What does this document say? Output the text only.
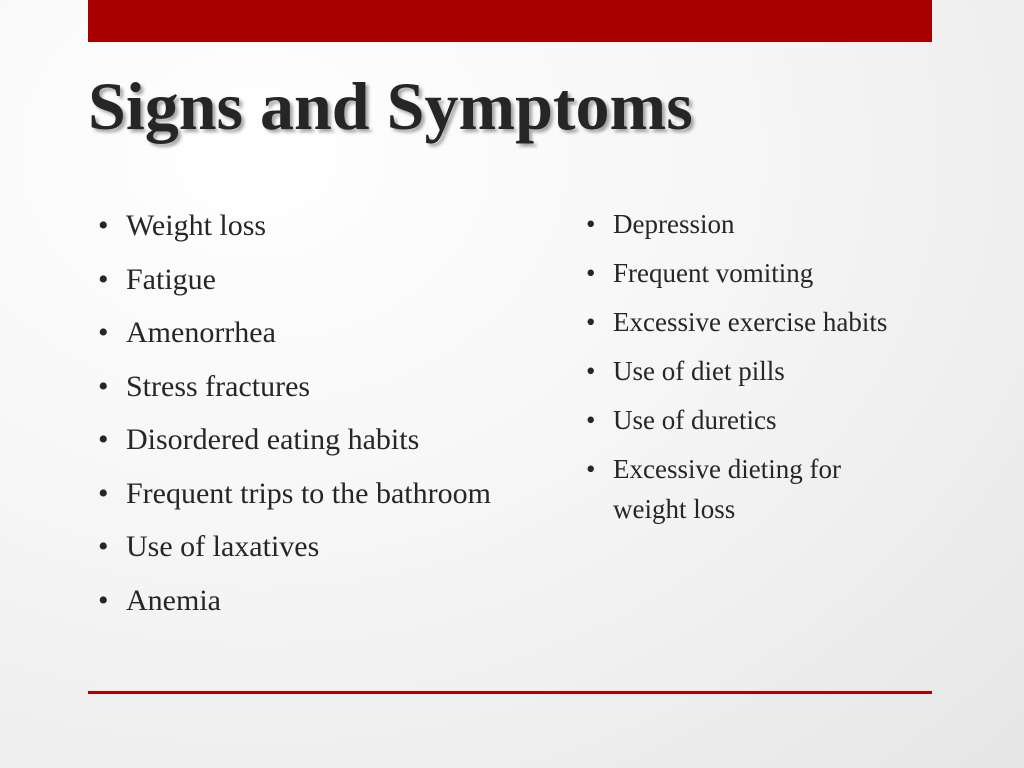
Signs and Symptoms
• Weight loss
• Fatigue
• Amenorrhea
• Stress fractures
• Disordered eating habits
• Frequent trips to the bathroom
• Use of laxatives
• Anemia
• Depression
• Frequent vomiting
• Excessive exercise habits
• Use of diet pills
• Use of duretics
• Excessive dieting for weight loss
